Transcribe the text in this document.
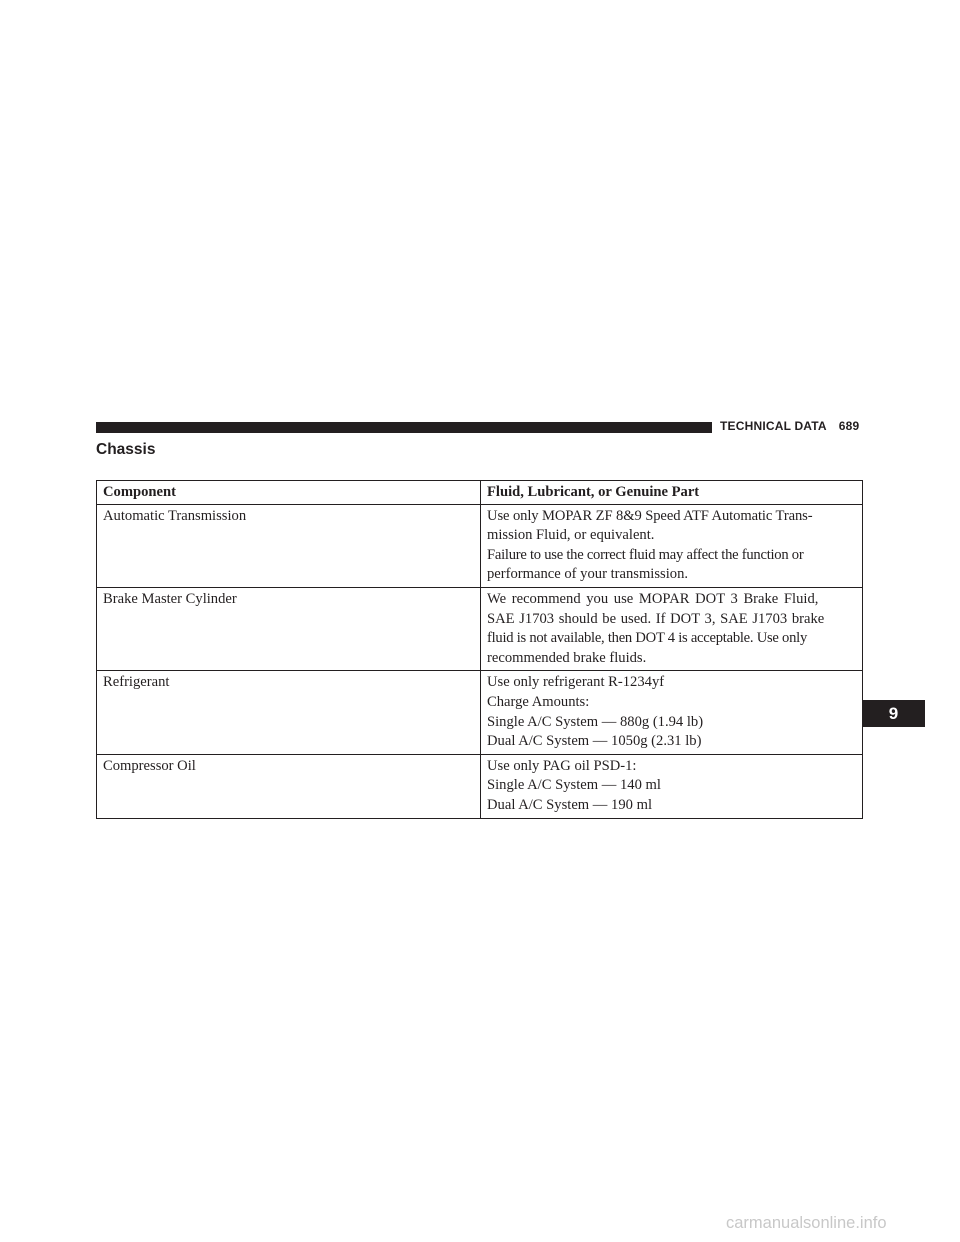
TECHNICAL DATA 689
Chassis
Component	Fluid, Lubricant, or Genuine Part
Automatic Transmission	Use only MOPAR ZF 8&9 Speed ATF Automatic Trans-
mission Fluid, or equivalent.
Failure to use the correct fluid may affect the function or
performance of your transmission.

Brake Master Cylinder	We recommend you use MOPAR DOT 3 Brake Fluid,
SAE J1703 should be used. If DOT 3, SAE J1703 brake
fluid is not available, then DOT 4 is acceptable. Use only
recommended brake fluids.

Refrigerant	Use only refrigerant R-1234yf
Charge Amounts:
Single A/C System — 880g (1.94 lb)
Dual A/C System — 1050g (2.31 lb)

Compressor Oil	Use only PAG oil PSD-1:
Single A/C System — 140 ml
Dual A/C System — 190 ml
9
carmanualsonline.info
